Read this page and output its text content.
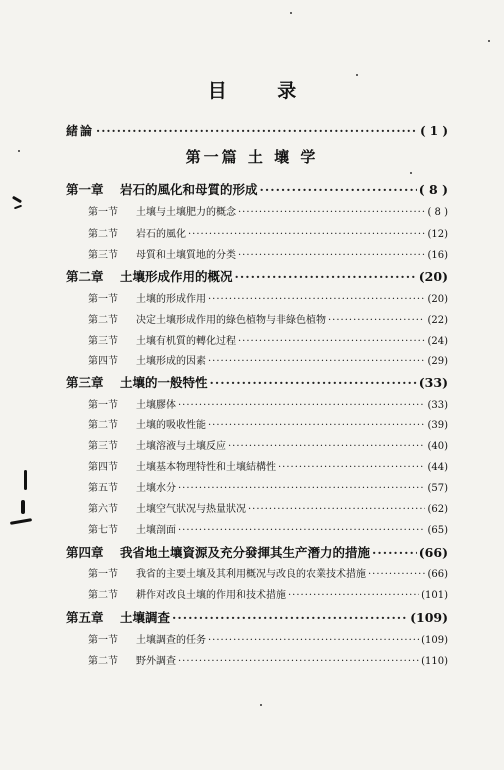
目 录
緒論 ·····	( 1 )
第一篇 土 壤 学
第一章	岩石的風化和母質的形成 ·····	( 8 )
第一节	土壤与土壤肥力的概念 ·····	( 8 )
第二节	岩石的風化 ·····	(12)
第三节	母質和土壤質地的分类 ·····	(16)
第二章	土壤形成作用的概况 ·····	(20)
第一节	土壤的形成作用 ·····	(20)
第二节	决定土壤形成作用的綠色植物与非綠色植物 ·····	(22)
第三节	土壤有机質的轉化过程 ·····	(24)
第四节	土壤形成的因素 ·····	(29)
第三章	土壤的一般特性 ·····	(33)
第一节	土壤膠体 ·····	(33)
第二节	土壤的吸收性能 ·····	(39)
第三节	土壤溶液与土壤反应 ·····	(40)
第四节	土壤基本物理特性和土壤結構性 ·····	(44)
第五节	土壤水分 ·····	(57)
第六节	土壤空气狀况与热量狀况 ·····	(62)
第七节	土壤剖面 ·····	(65)
第四章	我省地土壤資源及充分發揮其生产潛力的措施 ·····	(66)
第一节	我省的主要土壤及其利用概况与改良的农業技术措施 ·····	(66)
第二节	耕作对改良土壤的作用和技术措施 ·····	(101)
第五章	土壤調查 ·····	(109)
第一节	土壤調查的任务 ·····	(109)
第二节	野外調查 ·····	(110)
